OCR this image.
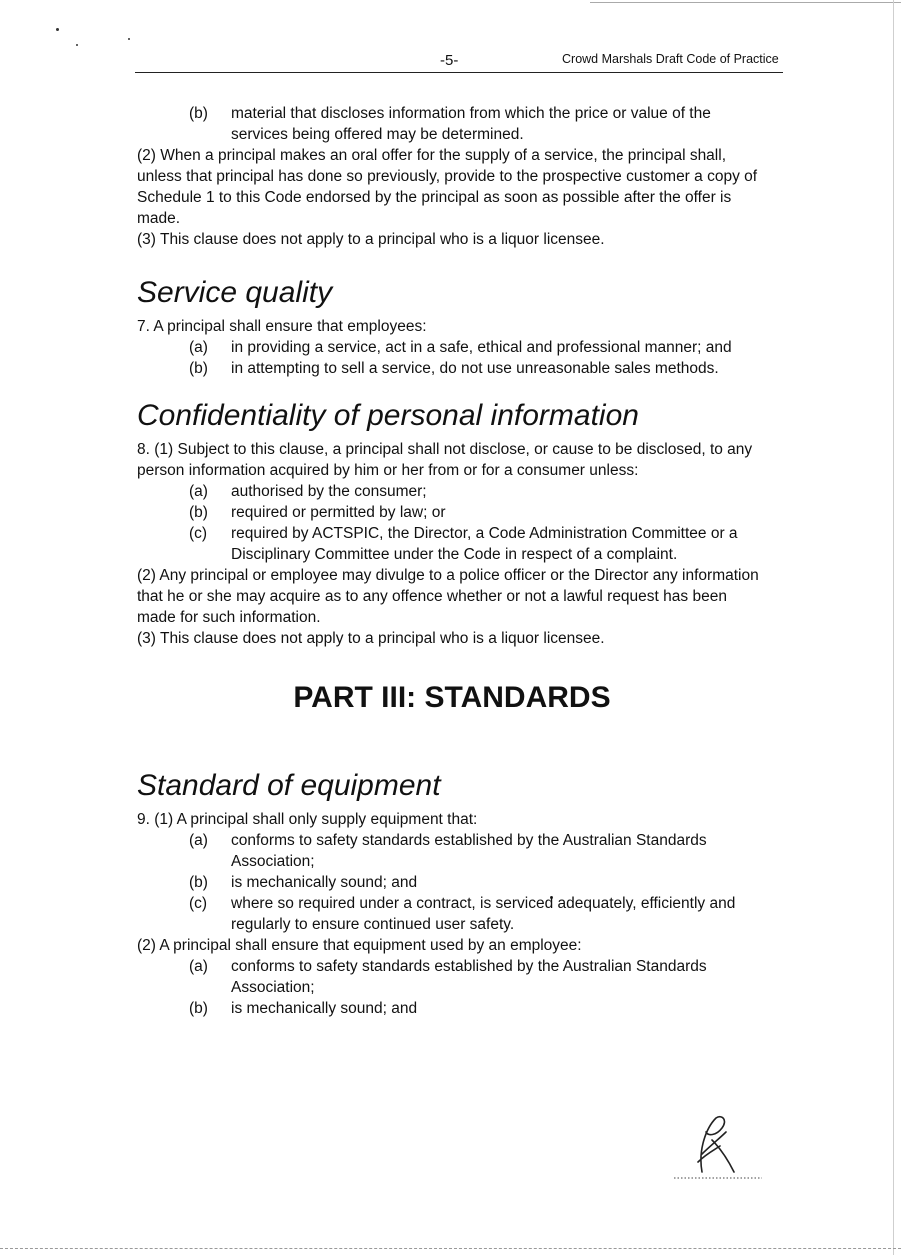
-5-	Crowd Marshals Draft Code of Practice
(b)	material that discloses information from which the price or value of the services being offered may be determined.

(2) When a principal makes an oral offer for the supply of a service, the principal shall, unless that principal has done so previously, provide to the prospective customer a copy of Schedule 1 to this Code endorsed by the principal as soon as possible after the offer is made.

(3) This clause does not apply to a principal who is a liquor licensee.

Service quality

7. A principal shall ensure that employees:

(a)	in providing a service, act in a safe, ethical and professional manner; and
(b)	in attempting to sell a service, do not use unreasonable sales methods.
Confidentiality of personal information

8. (1) Subject to this clause, a principal shall not disclose, or cause to be disclosed, to any person information acquired by him or her from or for a consumer unless:

(a)	authorised by the consumer;
(b)	required or permitted by law; or
(c)	required by ACTSPIC, the Director, a Code Administration Committee or a Disciplinary Committee under the Code in respect of a complaint.

(2) Any principal or employee may divulge to a police officer or the Director any information that he or she may acquire as to any offence whether or not a lawful request has been made for such information.

(3) This clause does not apply to a principal who is a liquor licensee.

PART III: STANDARDS
Standard of equipment

9. (1) A principal shall only supply equipment that:

(a)	conforms to safety standards established by the Australian Standards Association;
(b)	is mechanically sound; and
(c)	where so required under a contract, is serviced adequately, efficiently and regularly to ensure continued user safety.

(2) A principal shall ensure that equipment used by an employee:

(a)	conforms to safety standards established by the Australian Standards Association;
(b)	is mechanically sound; and
